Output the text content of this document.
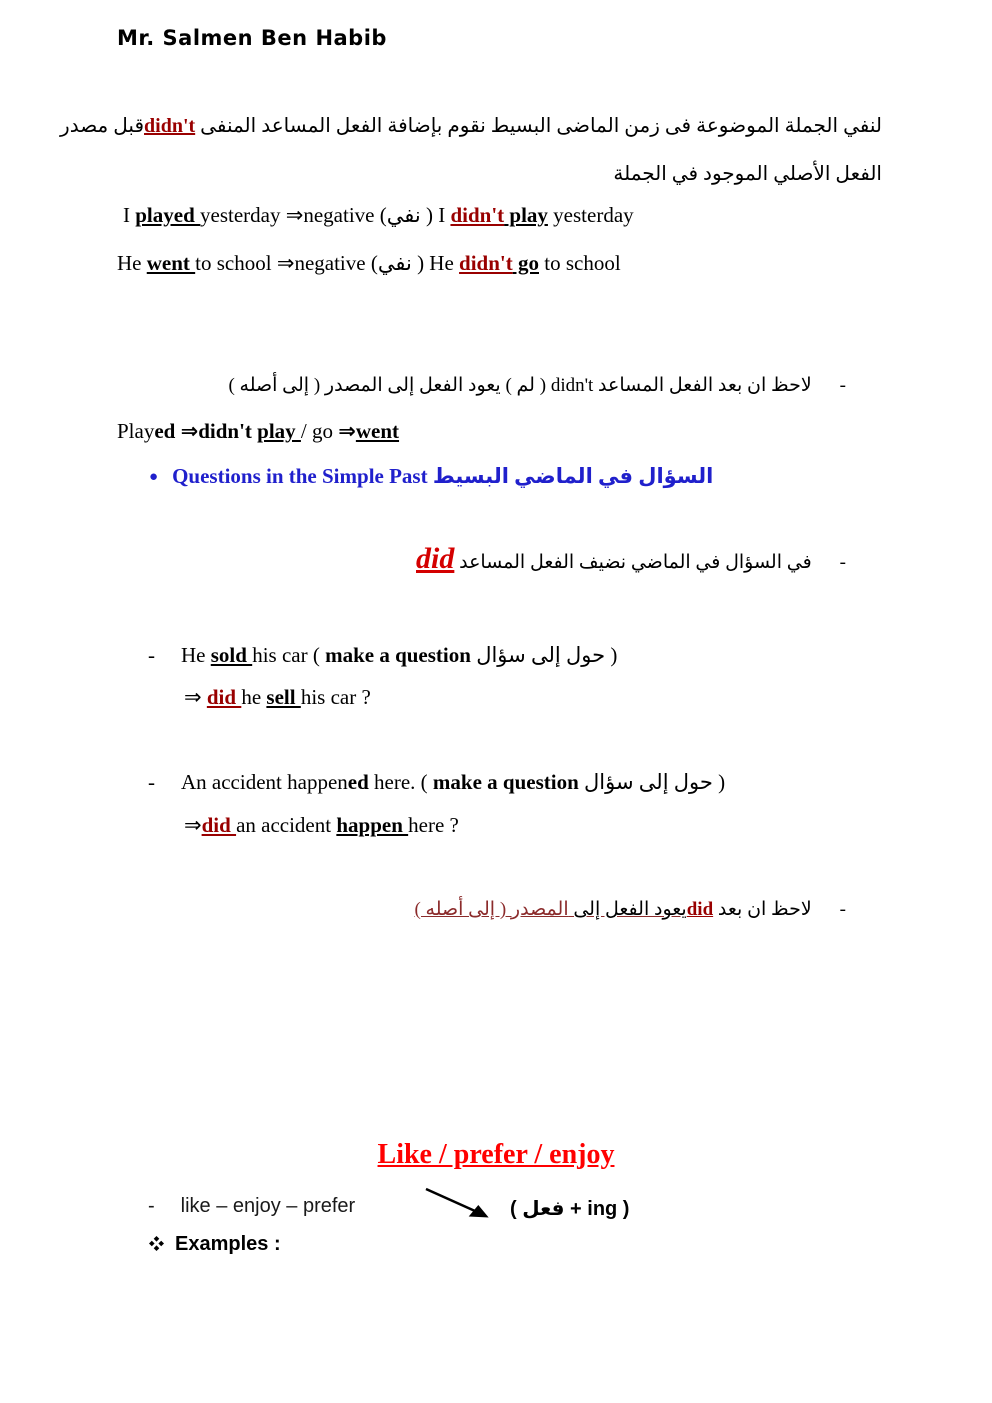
Mr. Salmen Ben Habib
لنفي الجملة الموضوعة فى زمن الماضى البسيط نقوم بإضافة الفعل المساعد المنفى didn'tقبل مصدر
الفعل الأصلي الموجود في الجملة
I played yesterday ⇒negative (نفي ) I didn't play yesterday
He went to school ⇒negative (نفي ) He didn't go to school
-لاحظ ان بعد الفعل المساعد didn't ( لم ) يعود الفعل إلى المصدر ( إلى أصله )
Played ⇒didn't play / go ⇒went
● Questions in the Simple Past السؤال في الماضي البسيط
-في السؤال في الماضي نضيف الفعل المساعد did
- He sold his car ( make a question حول إلى سؤال )
⇒ did he sell his car ?
- An accident happened here. ( make a question حول إلى سؤال )
⇒did an accident happen here ?
-لاحظ ان بعد didيعود الفعل إلى المصدر ( إلى أصله )
Like / prefer / enjoy
- like – enjoy – prefer	( فعل + ing )
Examples :
